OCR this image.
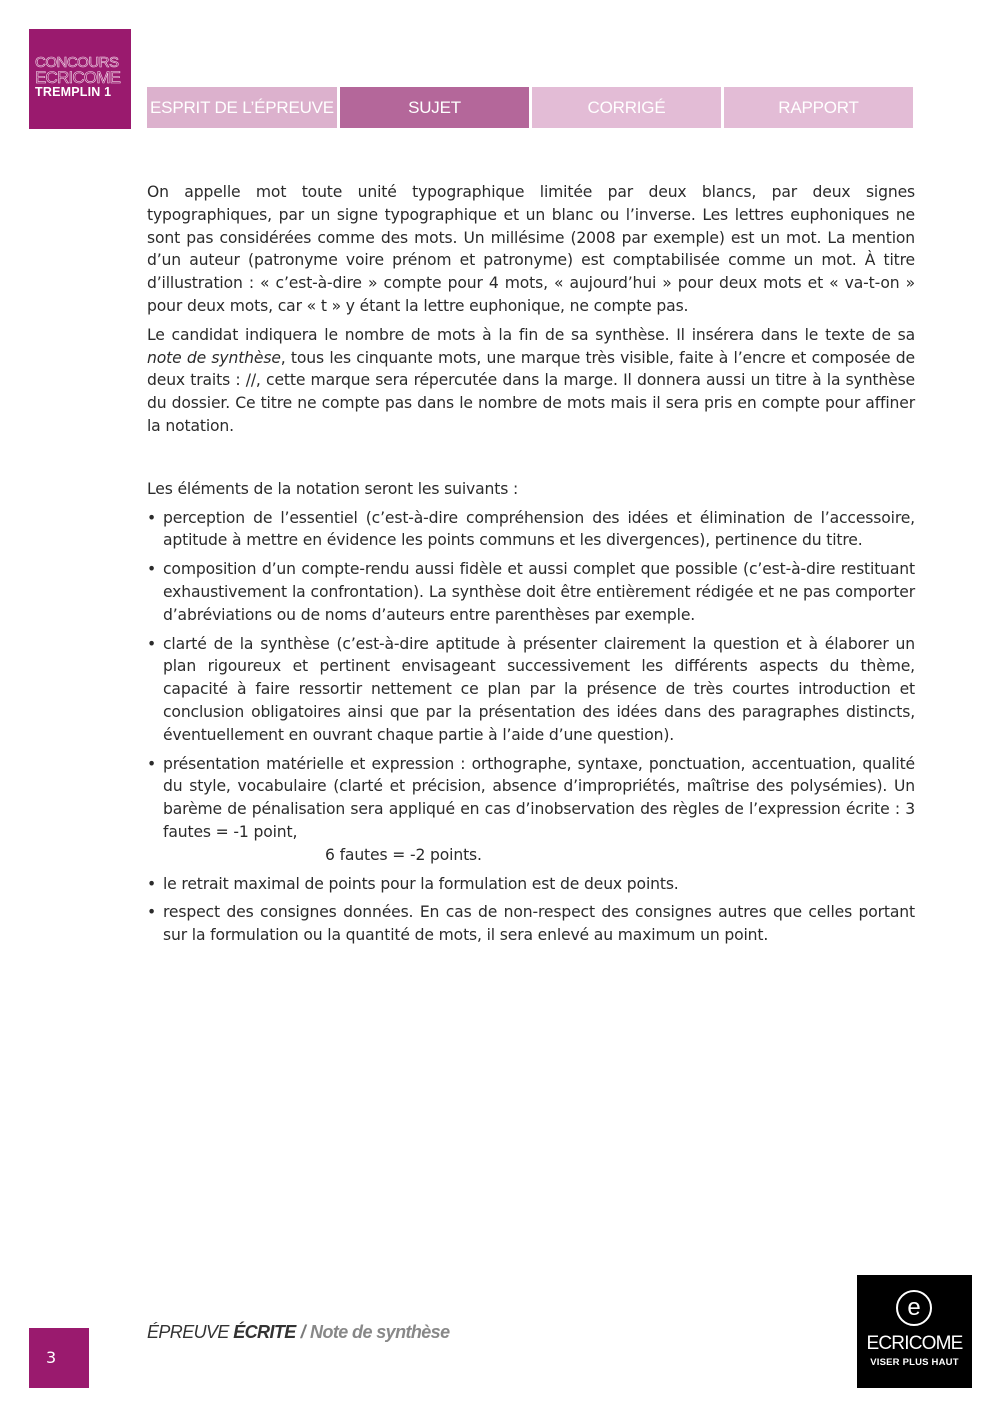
CONCOURS
ECRICOME
TREMPLIN 1
ESPRIT DE L’ÉPREUVE	SUJET	CORRIGÉ	RAPPORT

On appelle mot toute unité typographique limitée par deux blancs, par deux signes typographiques, par un signe typographique et un blanc ou l’inverse. Les lettres euphoniques ne sont pas considérées comme des mots. Un millésime (2008 par exemple) est un mot. La mention d’un auteur (patronyme voire prénom et patronyme) est comptabilisée comme un mot. À titre d’illustration : « c’est-à-dire » compte pour 4 mots, « aujourd’hui » pour deux mots et « va-t-on » pour deux mots, car « t » y étant la lettre euphonique, ne compte pas.

Le candidat indiquera le nombre de mots à la fin de sa synthèse. Il insérera dans le texte de sa note de synthèse, tous les cinquante mots, une marque très visible, faite à l’encre et composée de deux traits : //, cette marque sera répercutée dans la marge. Il donnera aussi un titre à la synthèse du dossier. Ce titre ne compte pas dans le nombre de mots mais il sera pris en compte pour affiner la notation.

Les éléments de la notation seront les suivants :

• perception de l’essentiel (c’est-à-dire compréhension des idées et élimination de l’accessoire, aptitude à mettre en évidence les points communs et les divergences), pertinence du titre.
• composition d’un compte-rendu aussi fidèle et aussi complet que possible (c’est-à-dire restituant exhaustivement la confrontation). La synthèse doit être entièrement rédigée et ne pas comporter d’abréviations ou de noms d’auteurs entre parenthèses par exemple.
• clarté de la synthèse (c’est-à-dire aptitude à présenter clairement la question et à élaborer un plan rigoureux et pertinent envisageant successivement les différents aspects du thème, capacité à faire ressortir nettement ce plan par la présence de très courtes introduction et conclusion obligatoires ainsi que par la présentation des idées dans des paragraphes distincts, éventuellement en ouvrant chaque partie à l’aide d’une question).
• présentation matérielle et expression : orthographe, syntaxe, ponctuation, accentuation, qualité du style, vocabulaire (clarté et précision, absence d’impropriétés, maîtrise des polysémies). Un barème de pénalisation sera appliqué en cas d’inobservation des règles de l’expression écrite : 3 fautes = -1 point,
6 fautes = -2 points.
• le retrait maximal de points pour la formulation est de deux points.
• respect des consignes données. En cas de non-respect des consignes autres que celles portant sur la formulation ou la quantité de mots, il sera enlevé au maximum un point.
3
ÉPREUVE ÉCRITE / Note de synthèse
e
ECRICOME
VISER PLUS HAUT
